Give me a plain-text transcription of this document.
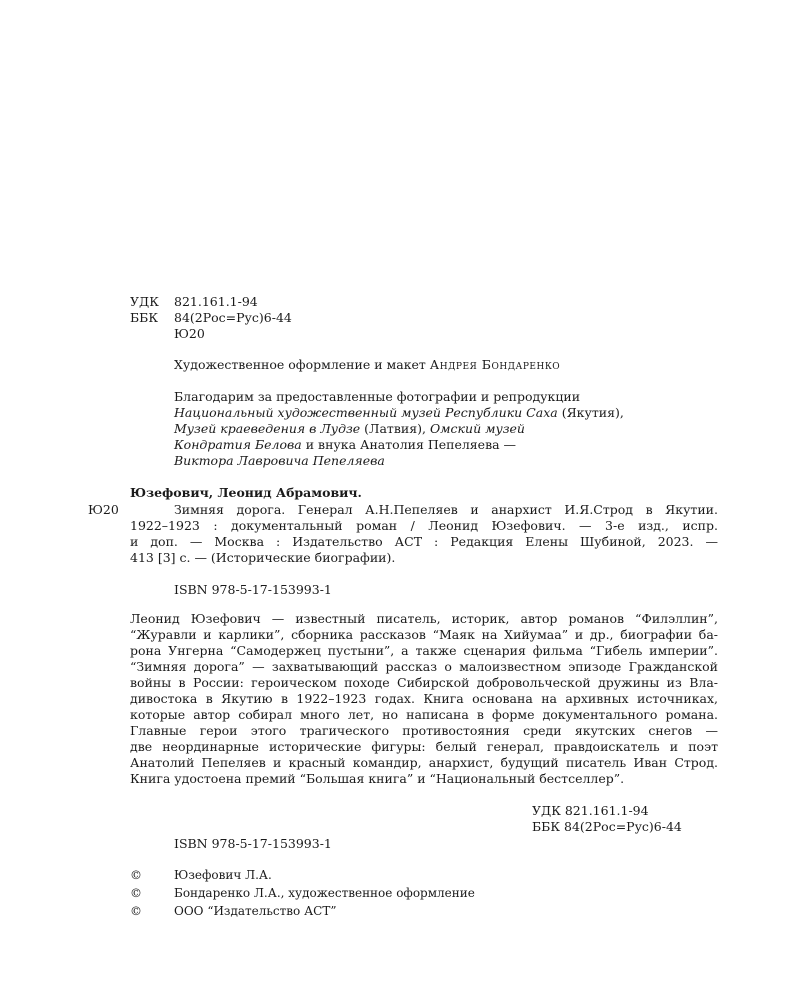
УДК 821.161.1-94
ББК 84(2Рос=Рус)6-44
Ю20
Художественное оформление и макет Андрея Бондаренко
Благодарим за предоставленные фотографии и репродукции
Национальный художественный музей Республики Саха (Якутия),
Музей краеведения в Лудзе (Латвия), Омский музей
Кондратия Белова и внука Анатолия Пепеляева —
Виктора Лавровича Пепеляева
Юзефович, Леонид Абрамович.
Ю20	Зимняя дорога. Генерал А.Н.Пепеляев и анархист И.Я.Строд в Якутии.
1922–1923 : документальный роман / Леонид Юзефович. — 3-е изд., испр.
и доп. — Москва : Издательство АСТ : Редакция Елены Шубиной, 2023. —
413 [3] с. — (Исторические биографии).
ISBN 978-5-17-153993-1
Леонид Юзефович — известный писатель, историк, автор романов “Филэллин”,
“Журавли и карлики”, сборника рассказов “Маяк на Хийумаа” и др., биографии ба-
рона Унгерна “Самодержец пустыни”, а также сценария фильма “Гибель империи”.
“Зимняя дорога” — захватывающий рассказ о малоизвестном эпизоде Гражданской
войны в России: героическом походе Сибирской добровольческой дружины из Вла-
дивостока в Якутию в 1922–1923 годах. Книга основана на архивных источниках,
которые автор собирал много лет, но написана в форме документального романа.
Главные герои этого трагического противостояния среди якутских снегов —
две неординарные исторические фигуры: белый генерал, правдоискатель и поэт
Анатолий Пепеляев и красный командир, анархист, будущий писатель Иван Строд.
Книга удостоена премий “Большая книга” и “Национальный бестселлер”.
УДК 821.161.1-94
ББК 84(2Рос=Рус)6-44
ISBN 978-5-17-153993-1
©	Юзефович Л.А.
©	Бондаренко Л.А., художественное оформление
©	ООО “Издательство АСТ”
